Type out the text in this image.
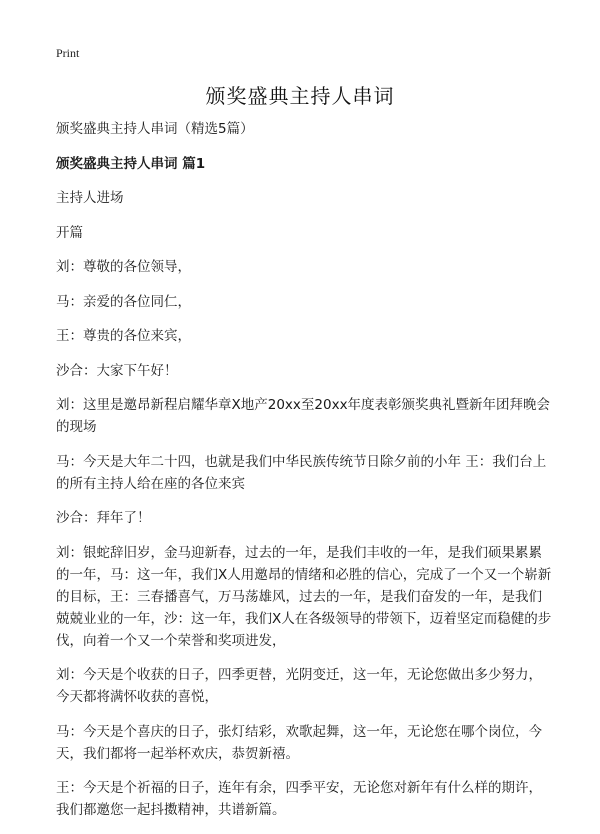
Print
颁奖盛典主持人串词

颁奖盛典主持人串词（精选5篇）

颁奖盛典主持人串词 篇1

主持人进场

开篇

刘：尊敬的各位领导，

马：亲爱的各位同仁，

王：尊贵的各位来宾，

沙合：大家下午好！

刘：这里是邀昂新程启耀华章X地产20xx至20xx年度表彰颁奖典礼暨新年团拜晚会的现场

马：今天是大年二十四，也就是我们中华民族传统节日除夕前的小年 王：我们台上的所有主持人给在座的各位来宾

沙合：拜年了！

刘：银蛇辞旧岁，金马迎新春，过去的一年，是我们丰收的一年，是我们硕果累累的一年，马：这一年，我们X人用邀昂的情绪和必胜的信心，完成了一个又一个崭新的目标，王：三春播喜气，万马荡雄风，过去的一年，是我们奋发的一年，是我们兢兢业业的一年，沙：这一年，我们X人在各级领导的带领下，迈着坚定而稳健的步伐，向着一个又一个荣誉和奖项进发，

刘：今天是个收获的日子，四季更替，光阴变迁，这一年，无论您做出多少努力，今天都将满怀收获的喜悦，

马：今天是个喜庆的日子，张灯结彩，欢歌起舞，这一年，无论您在哪个岗位，今天，我们都将一起举杯欢庆，恭贺新禧。

王：今天是个祈福的日子，连年有余，四季平安，无论您对新年有什么样的期许，我们都邀您一起抖擞精神，共谱新篇。
